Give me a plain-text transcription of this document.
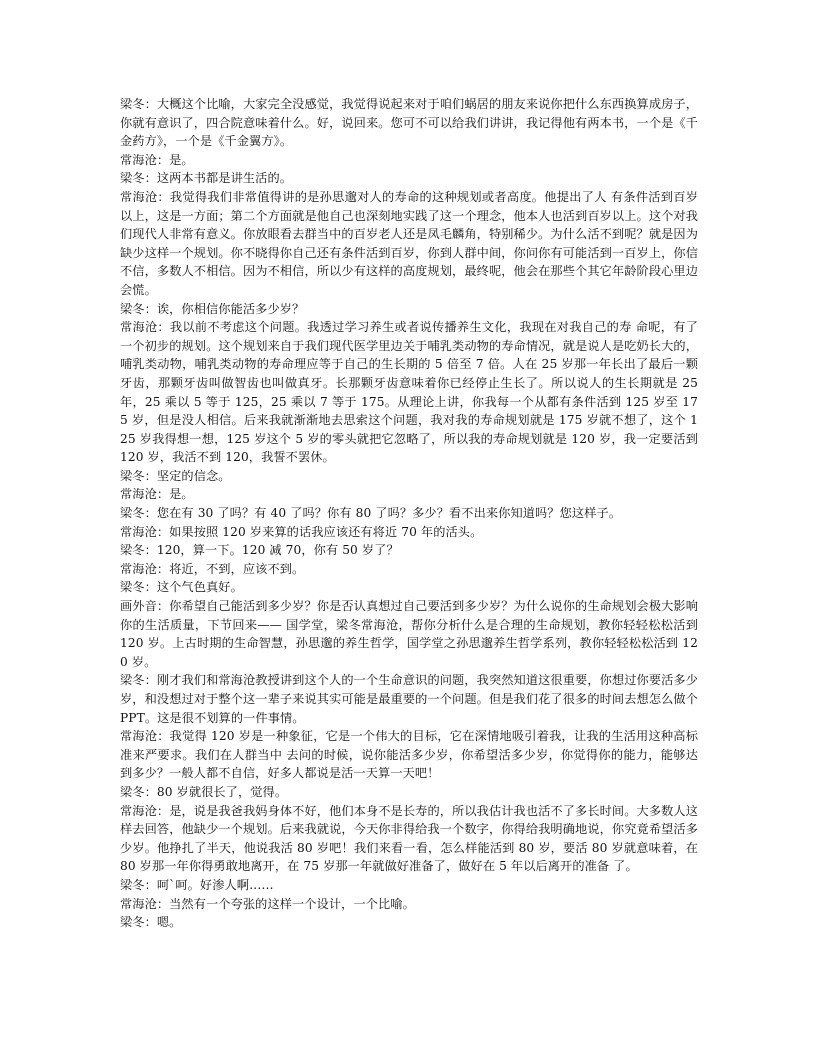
梁冬：大概这个比喻，大家完全没感觉，我觉得说起来对于咱们蜗居的朋友来说你把什么东西换算成房子，你就有意识了，四合院意味着什么。好，说回来。您可不可以给我们讲讲，我记得他有两本书，一个是《千金药方》，一个是《千金翼方》。

常海沧：是。

梁冬：这两本书都是讲生活的。

常海沧：我觉得我们非常值得讲的是孙思邈对人的寿命的这种规划或者高度。他提出了人 有条件活到百岁以上，这是一方面；第二个方面就是他自己也深刻地实践了这一个理念，他本人也活到百岁以上。这个对我们现代人非常有意义。你放眼看去群当中的百岁老人还是凤毛麟角，特别稀少。为什么活不到呢？就是因为缺少这样一个规划。你不晓得你自己还有条件活到百岁，你到人群中间，你问你有可能活到一百岁上，你信不信，多数人不相信。因为不相信，所以少有这样的高度规划，最终呢，他会在那些个其它年龄阶段心里边会慌。

梁冬：诶，你相信你能活多少岁？

常海沧：我以前不考虑这个问题。我透过学习养生或者说传播养生文化，我现在对我自己的寿 命呢，有了一个初步的规划。这个规划来自于我们现代医学里边关于哺乳类动物的寿命情况，就是说人是吃奶长大的，哺乳类动物，哺乳类动物的寿命理应等于自己的生长期的 5 倍至 7 倍。人在 25 岁那一年长出了最后一颗牙齿，那颗牙齿叫做智齿也叫做真牙。长那颗牙齿意味着你已经停止生长了。所以说人的生长期就是 25 年，25 乘以 5 等于 125，25 乘以 7 等于 175。从理论上讲，你我每一个从都有条件活到 125 岁至 175 岁，但是没人相信。后来我就渐渐地去思索这个问题，我对我的寿命规划就是 175 岁就不想了，这个 125 岁我得想一想，125 岁这个 5 岁的零头就把它忽略了，所以我的寿命规划就是 120 岁，我一定要活到 120 岁，我活不到 120，我誓不罢休。

梁冬：坚定的信念。

常海沧：是。

梁冬：您在有 30 了吗？有 40 了吗？你有 80 了吗？多少？看不出来你知道吗？您这样子。

常海沧：如果按照 120 岁来算的话我应该还有将近 70 年的活头。

梁冬：120，算一下。120 减 70，你有 50 岁了？

常海沧：将近，不到，应该不到。

梁冬：这个气色真好。

画外音：你希望自己能活到多少岁？你是否认真想过自己要活到多少岁？为什么说你的生命规划会极大影响你的生活质量，下节回来—— 国学堂，梁冬常海沧，帮你分析什么是合理的生命规划，教你轻轻松松活到 120 岁。上古时期的生命智慧，孙思邈的养生哲学，国学堂之孙思邈养生哲学系列，教你轻轻松松活到 120 岁。

梁冬：刚才我们和常海沧教授讲到这个人的一个生命意识的问题，我突然知道这很重要，你想过你要活多少岁，和没想过对于整个这一辈子来说其实可能是最重要的一个问题。但是我们花了很多的时间去想怎么做个 PPT。这是很不划算的一件事情。

常海沧：我觉得 120 岁是一种象征，它是一个伟大的目标，它在深情地吸引着我，让我的生活用这种高标准来严要求。我们在人群当中 去问的时候，说你能活多少岁，你希望活多少岁，你觉得你的能力，能够达到多少？一般人都不自信，好多人都说是活一天算一天吧！

梁冬：80 岁就很长了，觉得。

常海沧：是，说是我爸我妈身体不好，他们本身不是长寿的，所以我估计我也活不了多长时间。大多数人这样去回答，他缺少一个规划。后来我就说，今天你非得给我一个数字，你得给我明确地说，你究竟希望活多少岁。他挣扎了半天，他说我活 80 岁吧！我们来看一看，怎么样能活到 80 岁，要活 80 岁就意味着，在 80 岁那一年你得勇敢地离开，在 75 岁那一年就做好准备了，做好在 5 年以后离开的准备 了。

梁冬：呵`呵。好渗人啊……

常海沧：当然有一个夸张的这样一个设计，一个比喻。

梁冬：嗯。
